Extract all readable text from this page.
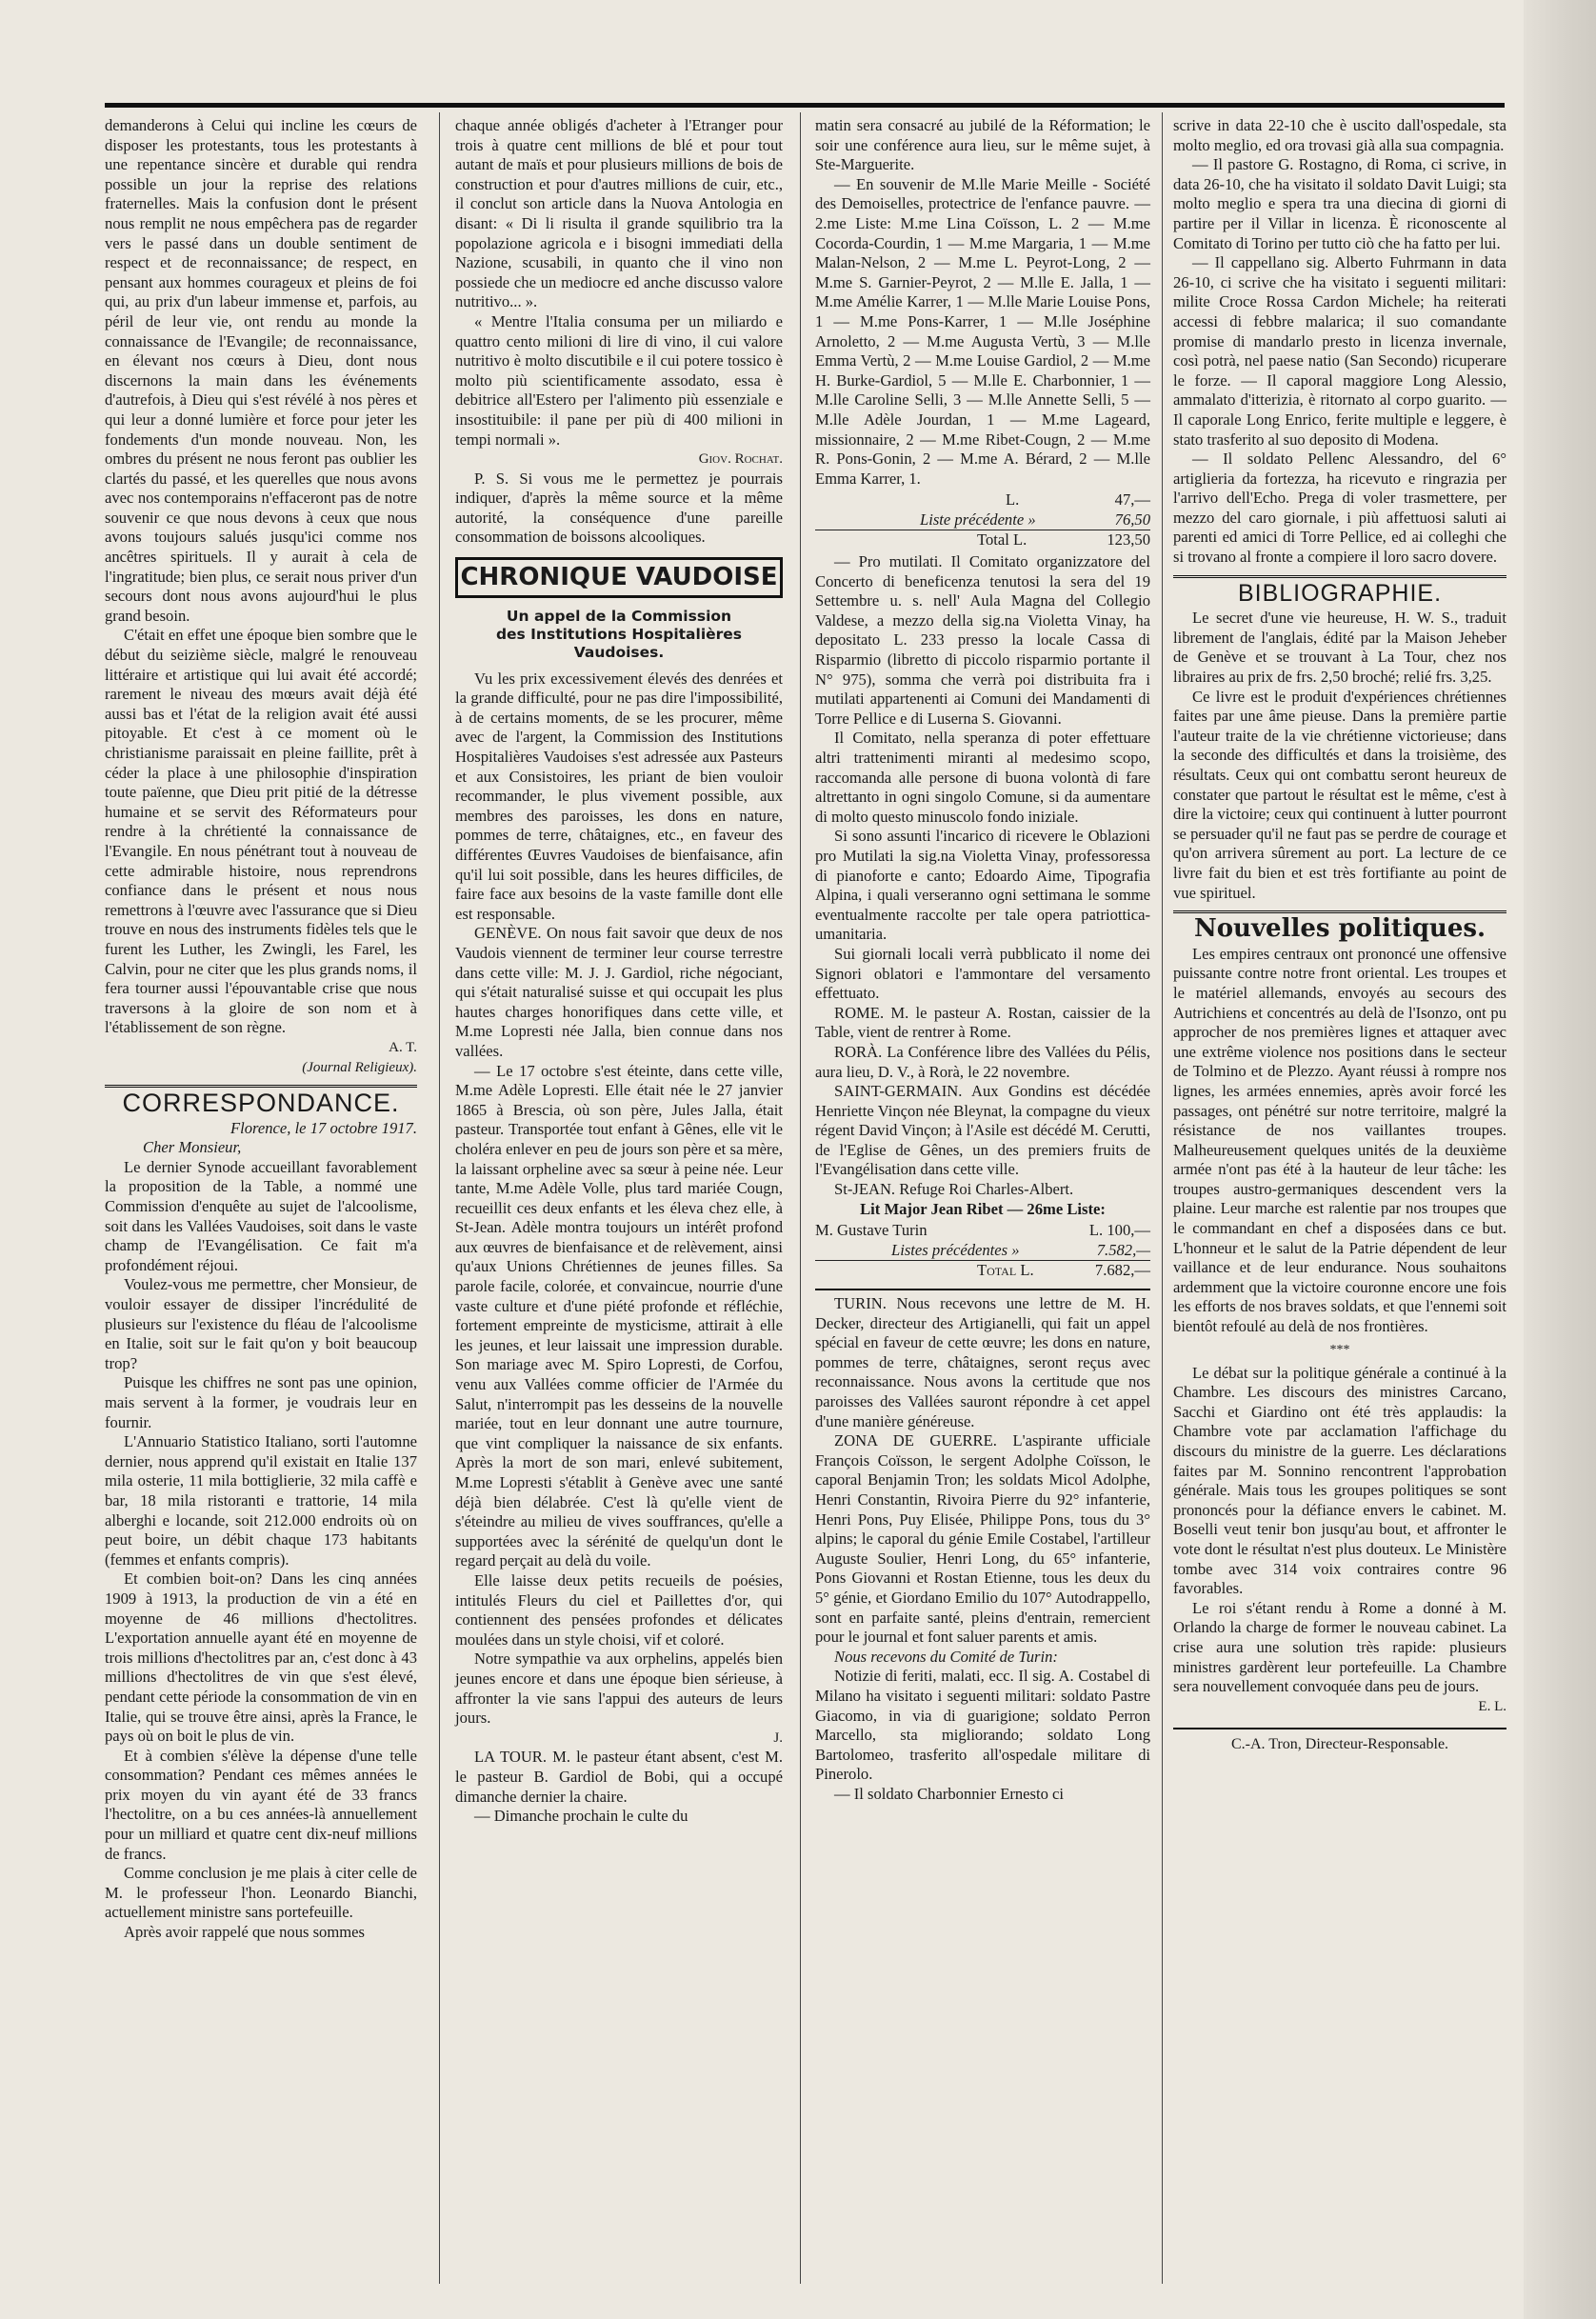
demanderons à Celui qui incline les cœurs de disposer les protestants, tous les protestants à une repentance sincère et durable qui rendra possible un jour la reprise des relations fraternelles. Mais la confusion dont le présent nous remplit ne nous empêchera pas de regarder vers le passé dans un double sentiment de respect et de reconnaissance; de respect, en pensant aux hommes courageux et pleins de foi qui, au prix d'un labeur immense et, parfois, au péril de leur vie, ont rendu au monde la connaissance de l'Evangile; de reconnaissance, en élevant nos cœurs à Dieu, dont nous discernons la main dans les événements d'autrefois, à Dieu qui s'est révélé à nos pères et qui leur a donné lumière et force pour jeter les fondements d'un monde nouveau. Non, les ombres du présent ne nous feront pas oublier les clartés du passé, et les querelles que nous avons avec nos contemporains n'effaceront pas de notre souvenir ce que nous devons à ceux que nous avons toujours salués jusqu'ici comme nos ancêtres spirituels. Il y aurait à cela de l'ingratitude; bien plus, ce serait nous priver d'un secours dont nous avons aujourd'hui le plus grand besoin.

C'était en effet une époque bien sombre que le début du seizième siècle, malgré le renouveau littéraire et artistique qui lui avait été accordé; rarement le niveau des mœurs avait déjà été aussi bas et l'état de la religion avait été aussi pitoyable. Et c'est à ce moment où le christianisme paraissait en pleine faillite, prêt à céder la place à une philosophie d'inspiration toute païenne, que Dieu prit pitié de la détresse humaine et se servit des Réformateurs pour rendre à la chrétienté la connaissance de l'Evangile. En nous pénétrant tout à nouveau de cette admirable histoire, nous reprendrons confiance dans le présent et nous nous remettrons à l'œuvre avec l'assurance que si Dieu trouve en nous des instruments fidèles tels que le furent les Luther, les Zwingli, les Farel, les Calvin, pour ne citer que les plus grands noms, il fera tourner aussi l'épouvantable crise que nous traversons à la gloire de son nom et à l'établissement de son règne.

A. T.

(Journal Religieux).

CORRESPONDANCE.

Florence, le 17 octobre 1917.

Cher Monsieur,

Le dernier Synode accueillant favorablement la proposition de la Table, a nommé une Commission d'enquête au sujet de l'alcoolisme, soit dans les Vallées Vaudoises, soit dans le vaste champ de l'Evangélisation. Ce fait m'a profondément réjoui.

Voulez-vous me permettre, cher Monsieur, de vouloir essayer de dissiper l'incrédulité de plusieurs sur l'existence du fléau de l'alcoolisme en Italie, soit sur le fait qu'on y boit beaucoup trop?

Puisque les chiffres ne sont pas une opinion, mais servent à la former, je voudrais leur en fournir.

L'Annuario Statistico Italiano, sorti l'automne dernier, nous apprend qu'il existait en Italie 137 mila osterie, 11 mila bottiglierie, 32 mila caffè e bar, 18 mila ristoranti e trattorie, 14 mila alberghi e locande, soit 212.000 endroits où on peut boire, un débit chaque 173 habitants (femmes et enfants compris).

Et combien boit-on? Dans les cinq années 1909 à 1913, la production de vin a été en moyenne de 46 millions d'hectolitres. L'exportation annuelle ayant été en moyenne de trois millions d'hectolitres par an, c'est donc à 43 millions d'hectolitres de vin que s'est élevé, pendant cette période la consommation de vin en Italie, qui se trouve être ainsi, après la France, le pays où on boit le plus de vin.

Et à combien s'élève la dépense d'une telle consommation? Pendant ces mêmes années le prix moyen du vin ayant été de 33 francs l'hectolitre, on a bu ces années-là annuellement pour un milliard et quatre cent dix-neuf millions de francs.

Comme conclusion je me plais à citer celle de M. le professeur l'hon. Leonardo Bianchi, actuellement ministre sans portefeuille.

Après avoir rappelé que nous sommes

chaque année obligés d'acheter à l'Etranger pour trois à quatre cent millions de blé et pour tout autant de maïs et pour plusieurs millions de bois de construction et pour d'autres millions de cuir, etc., il conclut son article dans la Nuova Antologia en disant: « Di li risulta il grande squilibrio tra la popolazione agricola e i bisogni immediati della Nazione, scusabili, in quanto che il vino non possiede che un mediocre ed anche discusso valore nutritivo... ».

« Mentre l'Italia consuma per un miliardo e quattro cento milioni di lire di vino, il cui valore nutritivo è molto discutibile e il cui potere tossico è molto più scientificamente assodato, essa è debitrice all'Estero per l'alimento più essenziale e insostituibile: il pane per più di 400 milioni in tempi normali ».

Giov. Rochat.

P. S. Si vous me le permettez je pourrais indiquer, d'après la même source et la même autorité, la conséquence d'une pareille consommation de boissons alcooliques.

CHRONIQUE VAUDOISE
Un appel de la Commission
des Institutions Hospitalières Vaudoises.

Vu les prix excessivement élevés des denrées et la grande difficulté, pour ne pas dire l'impossibilité, à de certains moments, de se les procurer, même avec de l'argent, la Commission des Institutions Hospitalières Vaudoises s'est adressée aux Pasteurs et aux Consistoires, les priant de bien vouloir recommander, le plus vivement possible, aux membres des paroisses, les dons en nature, pommes de terre, châtaignes, etc., en faveur des différentes Œuvres Vaudoises de bienfaisance, afin qu'il lui soit possible, dans les heures difficiles, de faire face aux besoins de la vaste famille dont elle est responsable.

GENÈVE. On nous fait savoir que deux de nos Vaudois viennent de terminer leur course terrestre dans cette ville: M. J. J. Gardiol, riche négociant, qui s'était naturalisé suisse et qui occupait les plus hautes charges honorifiques dans cette ville, et M.me Lopresti née Jalla, bien connue dans nos vallées.

— Le 17 octobre s'est éteinte, dans cette ville, M.me Adèle Lopresti. Elle était née le 27 janvier 1865 à Brescia, où son père, Jules Jalla, était pasteur. Transportée tout enfant à Gênes, elle vit le choléra enlever en peu de jours son père et sa mère, la laissant orpheline avec sa sœur à peine née. Leur tante, M.me Adèle Volle, plus tard mariée Cougn, recueillit ces deux enfants et les éleva chez elle, à St-Jean. Adèle montra toujours un intérêt profond aux œuvres de bienfaisance et de relèvement, ainsi qu'aux Unions Chrétiennes de jeunes filles. Sa parole facile, colorée, et convaincue, nourrie d'une vaste culture et d'une piété profonde et réfléchie, fortement empreinte de mysticisme, attirait à elle les jeunes, et leur laissait une impression durable. Son mariage avec M. Spiro Lopresti, de Corfou, venu aux Vallées comme officier de l'Armée du Salut, n'interrompit pas les desseins de la nouvelle mariée, tout en leur donnant une autre tournure, que vint compliquer la naissance de six enfants. Après la mort de son mari, enlevé subitement, M.me Lopresti s'établit à Genève avec une santé déjà bien délabrée. C'est là qu'elle vient de s'éteindre au milieu de vives souffrances, qu'elle a supportées avec la sérénité de quelqu'un dont le regard perçait au delà du voile.

Elle laisse deux petits recueils de poésies, intitulés Fleurs du ciel et Paillettes d'or, qui contiennent des pensées profondes et délicates moulées dans un style choisi, vif et coloré.

Notre sympathie va aux orphelins, appelés bien jeunes encore et dans une époque bien sérieuse, à affronter la vie sans l'appui des auteurs de leurs jours.

J.

LA TOUR. M. le pasteur étant absent, c'est M. le pasteur B. Gardiol de Bobi, qui a occupé dimanche dernier la chaire.

— Dimanche prochain le culte du

matin sera consacré au jubilé de la Réformation; le soir une conférence aura lieu, sur le même sujet, à Ste-Marguerite.

— En souvenir de M.lle Marie Meille - Société des Demoiselles, protectrice de l'enfance pauvre. — 2.me Liste: M.me Lina Coïsson, L. 2 — M.me Cocorda-Courdin, 1 — M.me Margaria, 1 — M.me Malan-Nelson, 2 — M.me L. Peyrot-Long, 2 — M.me S. Garnier-Peyrot, 2 — M.lle E. Jalla, 1 — M.me Amélie Karrer, 1 — M.lle Marie Louise Pons, 1 — M.me Pons-Karrer, 1 — M.lle Joséphine Arnoletto, 2 — M.me Augusta Vertù, 3 — M.lle Emma Vertù, 2 — M.me Louise Gardiol, 2 — M.me H. Burke-Gardiol, 5 — M.lle E. Charbonnier, 1 — M.lle Caroline Selli, 3 — M.lle Annette Selli, 5 — M.lle Adèle Jourdan, 1 — M.me Lageard, missionnaire, 2 — M.me Ribet-Cougn, 2 — M.me R. Pons-Gonin, 2 — M.me A. Bérard, 2 — M.lle Emma Karrer, 1.

L.	47,—
Liste précédente »	76,50
Total L.	123,50

— Pro mutilati. Il Comitato organizzatore del Concerto di beneficenza tenutosi la sera del 19 Settembre u. s. nell' Aula Magna del Collegio Valdese, a mezzo della sig.na Violetta Vinay, ha depositato L. 233 presso la locale Cassa di Risparmio (libretto di piccolo risparmio portante il N° 975), somma che verrà poi distribuita fra i mutilati appartenenti ai Comuni dei Mandamenti di Torre Pellice e di Luserna S. Giovanni.

Il Comitato, nella speranza di poter effettuare altri trattenimenti miranti al medesimo scopo, raccomanda alle persone di buona volontà di fare altrettanto in ogni singolo Comune, si da aumentare di molto questo minuscolo fondo iniziale.

Si sono assunti l'incarico di ricevere le Oblazioni pro Mutilati la sig.na Violetta Vinay, professoressa di pianoforte e canto; Edoardo Aime, Tipografia Alpina, i quali verseranno ogni settimana le somme eventualmente raccolte per tale opera patriottica-umanitaria.

Sui giornali locali verrà pubblicato il nome dei Signori oblatori e l'ammontare del versamento effettuato.

ROME. M. le pasteur A. Rostan, caissier de la Table, vient de rentrer à Rome.

RORÀ. La Conférence libre des Vallées du Pélis, aura lieu, D. V., à Rorà, le 22 novembre.

SAINT-GERMAIN. Aux Gondins est décédée Henriette Vinçon née Bleynat, la compagne du vieux régent David Vinçon; à l'Asile est décédé M. Cerutti, de l'Eglise de Gênes, un des premiers fruits de l'Evangélisation dans cette ville.

St-JEAN. Refuge Roi Charles-Albert.

Lit Major Jean Ribet — 26me Liste:

M. Gustave Turin	L. 100,—
Listes précédentes »	7.582,—
Total L.	7.682,—

TURIN. Nous recevons une lettre de M. H. Decker, directeur des Artigianelli, qui fait un appel spécial en faveur de cette œuvre; les dons en nature, pommes de terre, châtaignes, seront reçus avec reconnaissance. Nous avons la certitude que nos paroisses des Vallées sauront répondre à cet appel d'une manière généreuse.

ZONA DE GUERRE. L'aspirante ufficiale François Coïsson, le sergent Adolphe Coïsson, le caporal Benjamin Tron; les soldats Micol Adolphe, Henri Constantin, Rivoira Pierre du 92° infanterie, Henri Pons, Puy Elisée, Philippe Pons, tous du 3° alpins; le caporal du génie Emile Costabel, l'artilleur Auguste Soulier, Henri Long, du 65° infanterie, Pons Giovanni et Rostan Etienne, tous les deux du 5° génie, et Giordano Emilio du 107° Autodrappello, sont en parfaite santé, pleins d'entrain, remercient pour le journal et font saluer parents et amis.

Nous recevons du Comité de Turin:

Notizie di feriti, malati, ecc. Il sig. A. Costabel di Milano ha visitato i seguenti militari: soldato Pastre Giacomo, in via di guarigione; soldato Perron Marcello, sta migliorando; soldato Long Bartolomeo, trasferito all'ospedale militare di Pinerolo.

— Il soldato Charbonnier Ernesto ci

scrive in data 22-10 che è uscito dall'ospedale, sta molto meglio, ed ora trovasi già alla sua compagnia.

— Il pastore G. Rostagno, di Roma, ci scrive, in data 26-10, che ha visitato il soldato Davit Luigi; sta molto meglio e spera tra una diecina di giorni di partire per il Villar in licenza. È riconoscente al Comitato di Torino per tutto ciò che ha fatto per lui.

— Il cappellano sig. Alberto Fuhrmann in data 26-10, ci scrive che ha visitato i seguenti militari: milite Croce Rossa Cardon Michele; ha reiterati accessi di febbre malarica; il suo comandante promise di mandarlo presto in licenza invernale, così potrà, nel paese natio (San Secondo) ricuperare le forze. — Il caporal maggiore Long Alessio, ammalato d'itterizia, è ritornato al corpo guarito. — Il caporale Long Enrico, ferite multiple e leggere, è stato trasferito al suo deposito di Modena.

— Il soldato Pellenc Alessandro, del 6° artiglieria da fortezza, ha ricevuto e ringrazia per l'arrivo dell'Echo. Prega di voler trasmettere, per mezzo del caro giornale, i più affettuosi saluti ai parenti ed amici di Torre Pellice, ed ai colleghi che si trovano al fronte a compiere il loro sacro dovere.

BIBLIOGRAPHIE.

Le secret d'une vie heureuse, H. W. S., traduit librement de l'anglais, édité par la Maison Jeheber de Genève et se trouvant à La Tour, chez nos libraires au prix de frs. 2,50 broché; relié frs. 3,25.

Ce livre est le produit d'expériences chrétiennes faites par une âme pieuse. Dans la première partie l'auteur traite de la vie chrétienne victorieuse; dans la seconde des difficultés et dans la troisième, des résultats. Ceux qui ont combattu seront heureux de constater que partout le résultat est le même, c'est à dire la victoire; ceux qui continuent à lutter pourront se persuader qu'il ne faut pas se perdre de courage et qu'on arrivera sûrement au port. La lecture de ce livre fait du bien et est très fortifiante au point de vue spirituel.

Nouvelles politiques.

Les empires centraux ont prononcé une offensive puissante contre notre front oriental. Les troupes et le matériel allemands, envoyés au secours des Autrichiens et concentrés au delà de l'Isonzo, ont pu approcher de nos premières lignes et attaquer avec une extrême violence nos positions dans le secteur de Tolmino et de Plezzo. Ayant réussi à rompre nos lignes, les armées ennemies, après avoir forcé les passages, ont pénétré sur notre territoire, malgré la résistance de nos vaillantes troupes. Malheureusement quelques unités de la deuxième armée n'ont pas été à la hauteur de leur tâche: les troupes austro-germaniques descendent vers la plaine. Leur marche est ralentie par nos troupes que le commandant en chef a disposées dans ce but. L'honneur et le salut de la Patrie dépendent de leur vaillance et de leur endurance. Nous souhaitons ardemment que la victoire couronne encore une fois les efforts de nos braves soldats, et que l'ennemi soit bientôt refoulé au delà de nos frontières.

***

Le débat sur la politique générale a continué à la Chambre. Les discours des ministres Carcano, Sacchi et Giardino ont été très applaudis: la Chambre vote par acclamation l'affichage du discours du ministre de la guerre. Les déclarations faites par M. Sonnino rencontrent l'approbation générale. Mais tous les groupes politiques se sont prononcés pour la défiance envers le cabinet. M. Boselli veut tenir bon jusqu'au bout, et affronter le vote dont le résultat n'est plus douteux. Le Ministère tombe avec 314 voix contraires contre 96 favorables.

Le roi s'étant rendu à Rome a donné à M. Orlando la charge de former le nouveau cabinet. La crise aura une solution très rapide: plusieurs ministres gardèrent leur portefeuille. La Chambre sera nouvellement convoquée dans peu de jours.

E. L.

C.-A. Tron, Directeur-Responsable.
